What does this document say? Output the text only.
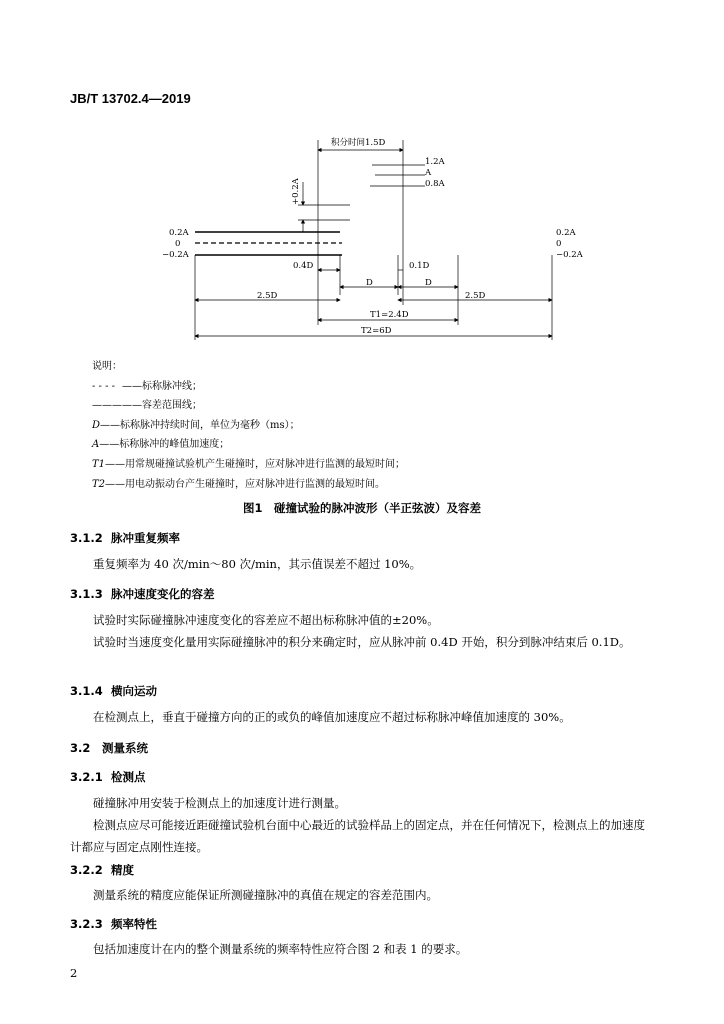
JB/T 13702.4—2019
积分时间1.5D
1.2A
A
0.8A
+0.2A
0.2A
0
−0.2A
0.2A
0
−0.2A
0.4D	0.1D
D	D
2.5D	2.5D
T1=2.4D
T2=6D
说明：
- - - - ——标称脉冲线；
——— ——容差范围线；
D ——标称脉冲持续时间，单位为毫秒（ms）；
A ——标称脉冲的峰值加速度；
T1 ——用常规碰撞试验机产生碰撞时，应对脉冲进行监测的最短时间；
T2 ——用电动振动台产生碰撞时，应对脉冲进行监测的最短时间。
图1　碰撞试验的脉冲波形（半正弦波）及容差
3.1.2 脉冲重复频率

重复频率为 40 次/min～80 次/min，其示值误差不超过 10%。

3.1.3 脉冲速度变化的容差

试验时实际碰撞脉冲速度变化的容差应不超出标称脉冲值的±20%。

试验时当速度变化量用实际碰撞脉冲的积分来确定时，应从脉冲前 0.4D 开始，积分到脉冲结束后 0.1D。

3.1.4 横向运动

在检测点上，垂直于碰撞方向的正的或负的峰值加速度应不超过标称脉冲峰值加速度的 30%。

3.2 测量系统
3.2.1 检测点

碰撞脉冲用安装于检测点上的加速度计进行测量。

检测点应尽可能接近距碰撞试验机台面中心最近的试验样品上的固定点，并在任何情况下，检测点上的加速度计都应与固定点刚性连接。

3.2.2 精度

测量系统的精度应能保证所测碰撞脉冲的真值在规定的容差范围内。

3.2.3 频率特性

包括加速度计在内的整个测量系统的频率特性应符合图 2 和表 1 的要求。

2
